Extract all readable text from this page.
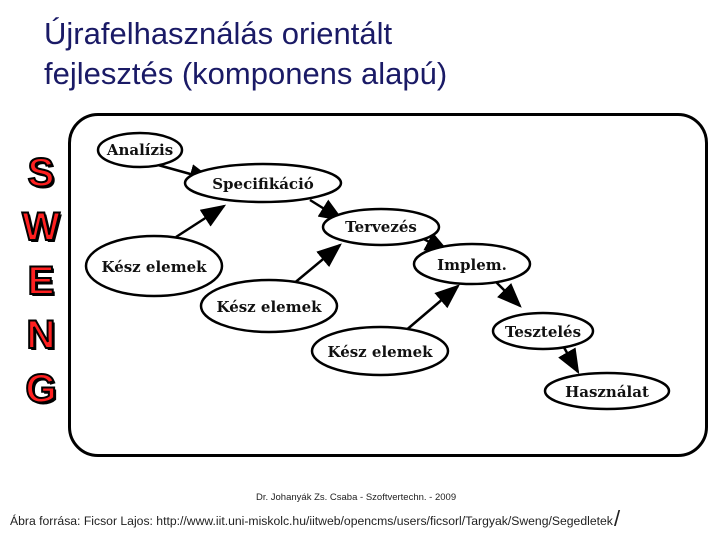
Újrafelhasználás orientált
fejlesztés (komponens alapú)
S
W
E
N
G
Analízis
Specifikáció
Tervezés
Implem.
Tesztelés
Használat
Kész elemek
Kész elemek
Kész elemek
Dr. Johanyák Zs. Csaba - Szoftvertechn. - 2009
Ábra forrása: Ficsor Lajos: http://www.iit.uni-miskolc.hu/iitweb/opencms/users/ficsorl/Targyak/Sweng/Segedletek /
